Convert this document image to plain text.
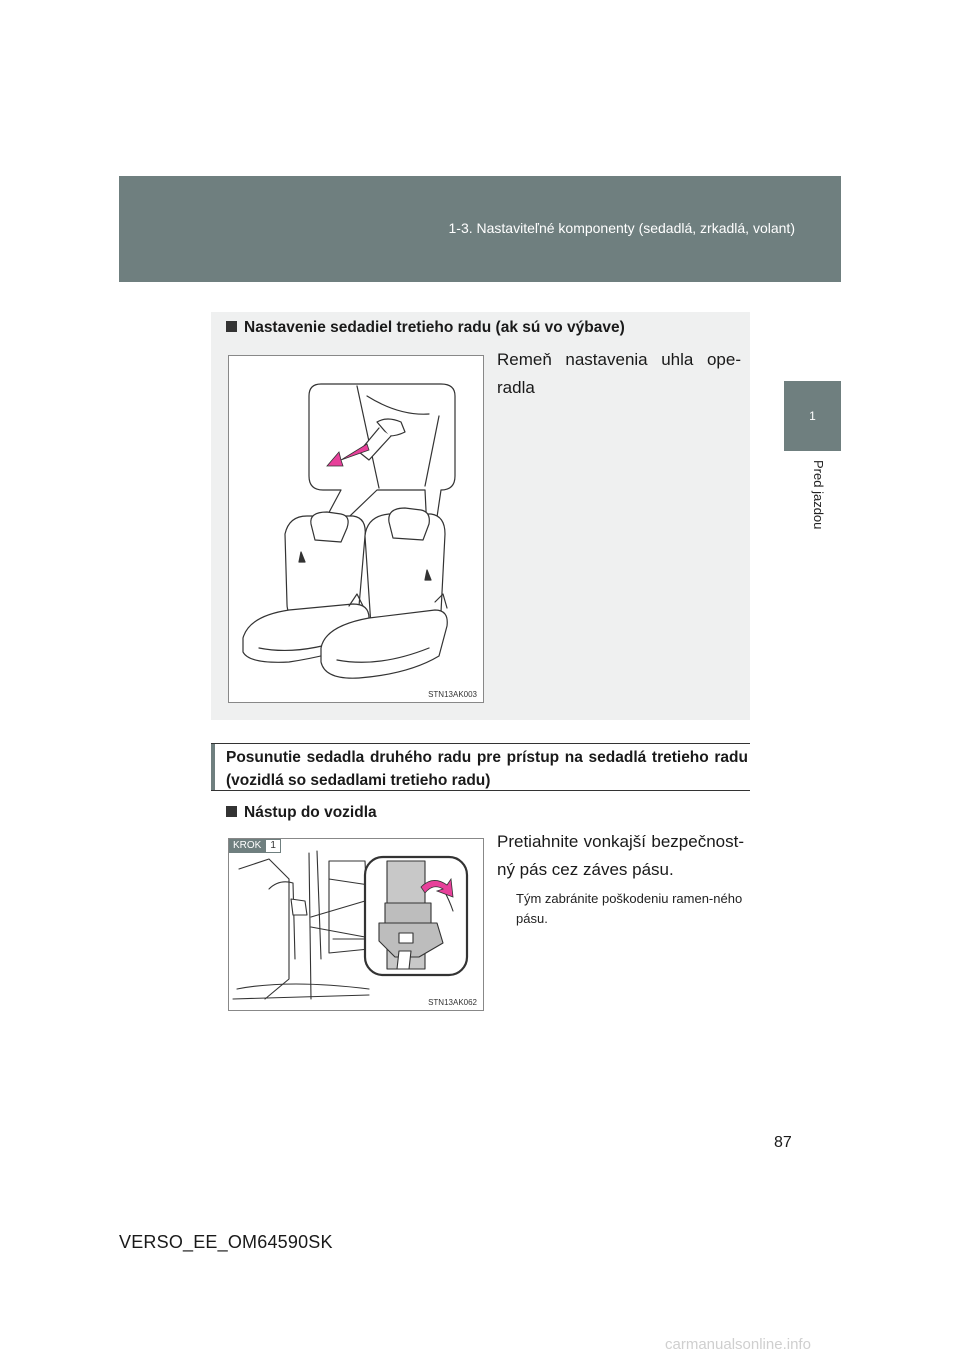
1-3. Nastaviteľné komponenty (sedadlá, zrkadlá, volant)
1
Pred jazdou
Nastavenie sedadiel tretieho radu (ak sú vo výbave)
STN13AK003
Remeň nastavenia uhla ope-radla
Posunutie sedadla druhého radu pre prístup na sedadlá tretieho radu (vozidlá so sedadlami tretieho radu)
Nástup do vozidla
STN13AK062
KROK 1	Pretiahnite vonkajší bezpečnost-ný pás cez záves pásu.
Tým zabránite poškodeniu ramen-ného pásu.
87
VERSO_EE_OM64590SK
carmanualsonline.info
